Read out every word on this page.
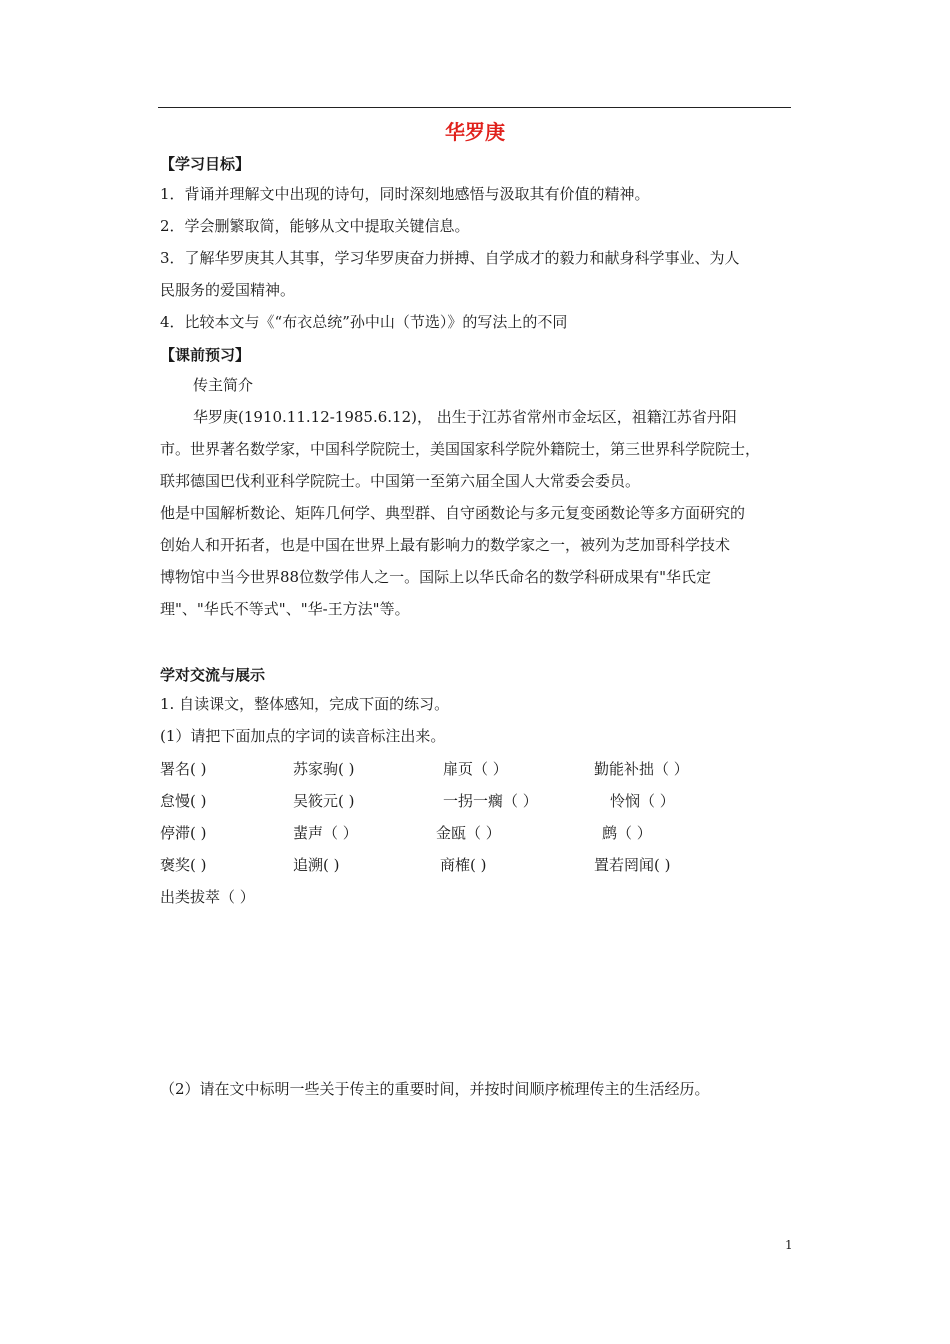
华罗庚
【学习目标】
1．背诵并理解文中出现的诗句，同时深刻地感悟与汲取其有价值的精神。
2．学会删繁取简，能够从文中提取关键信息。
3．了解华罗庚其人其事，学习华罗庚奋力拼搏、自学成才的毅力和献身科学事业、为人
民服务的爱国精神。
4．比较本文与《“布衣总统”孙中山（节选）》的写法上的不同
【课前预习】
传主简介
华罗庚(1910.11.12-1985.6.12)， 出生于江苏省常州市金坛区，祖籍江苏省丹阳
市。世界著名数学家，中国科学院院士，美国国家科学院外籍院士，第三世界科学院院士，
联邦德国巴伐利亚科学院院士。中国第一至第六届全国人大常委会委员。
他是中国解析数论、矩阵几何学、典型群、自守函数论与多元复变函数论等多方面研究的
创始人和开拓者，也是中国在世界上最有影响力的数学家之一，被列为芝加哥科学技术
博物馆中当今世界88位数学伟人之一。国际上以华氏命名的数学科研成果有"华氏定
理"、"华氏不等式"、"华-王方法"等。
学对交流与展示
1. 自读课文，整体感知，完成下面的练习。
(1）请把下面加点的字词的读音标注出来。
署名( )	苏家驹( )	扉页（ ）	勤能补拙（ ）
怠慢( )	吴筱元( )	一拐一瘸（ ）	怜悯（ ）
停滞( )	蜚声（ ）	金瓯（ ）	鹧（ ）
褒奖( )	追溯( )	商榷( )	置若罔闻( )
出类拔萃（ ）
（2）请在文中标明一些关于传主的重要时间，并按时间顺序梳理传主的生活经历。
1
